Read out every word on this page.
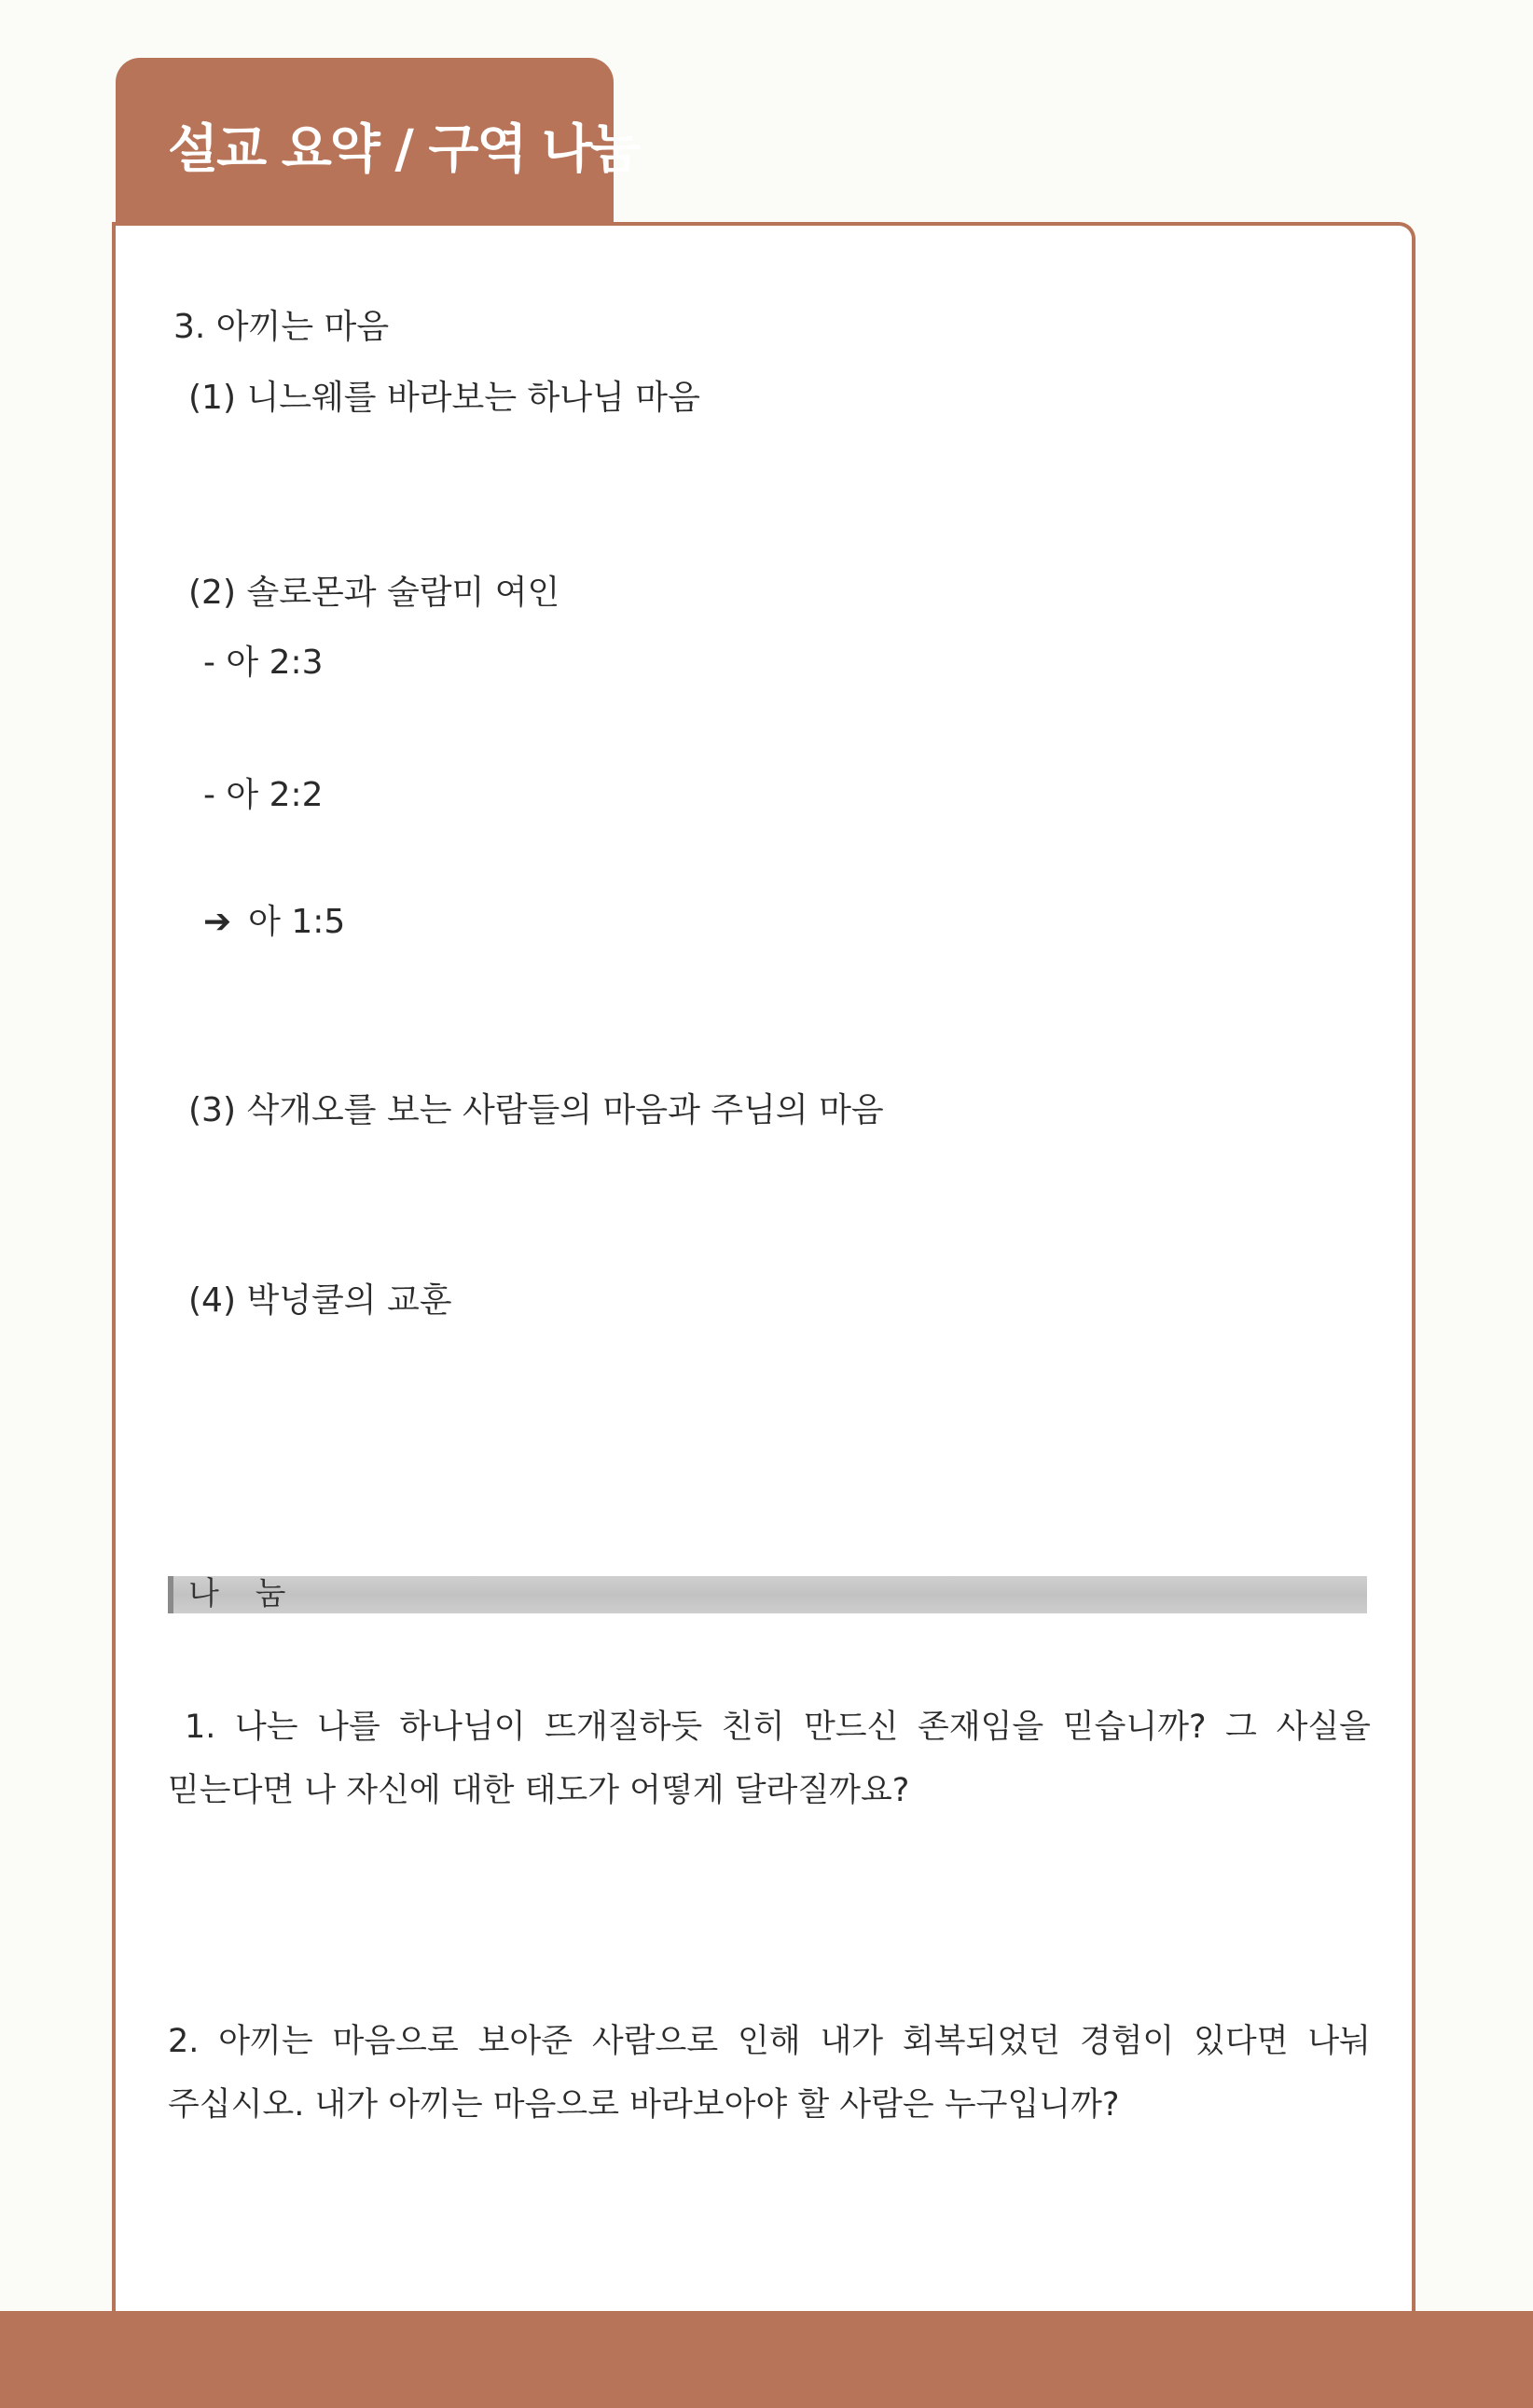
설교 요약 / 구역 나눔
3. 아끼는 마음
(1) 니느웨를 바라보는 하나님 마음
(2) 솔로몬과 술람미 여인
- 아 2:3
- 아 2:2
➔ 아 1:5
(3) 삭개오를 보는 사람들의 마음과 주님의 마음
(4) 박넝쿨의 교훈
나 눔
1. 나는 나를 하나님이 뜨개질하듯 친히 만드신 존재임을 믿습니까? 그 사실을 믿는다면 나 자신에 대한 태도가 어떻게 달라질까요?
2. 아끼는 마음으로 보아준 사람으로 인해 내가 회복되었던 경험이 있다면 나눠 주십시오. 내가 아끼는 마음으로 바라보아야 할 사람은 누구입니까?
